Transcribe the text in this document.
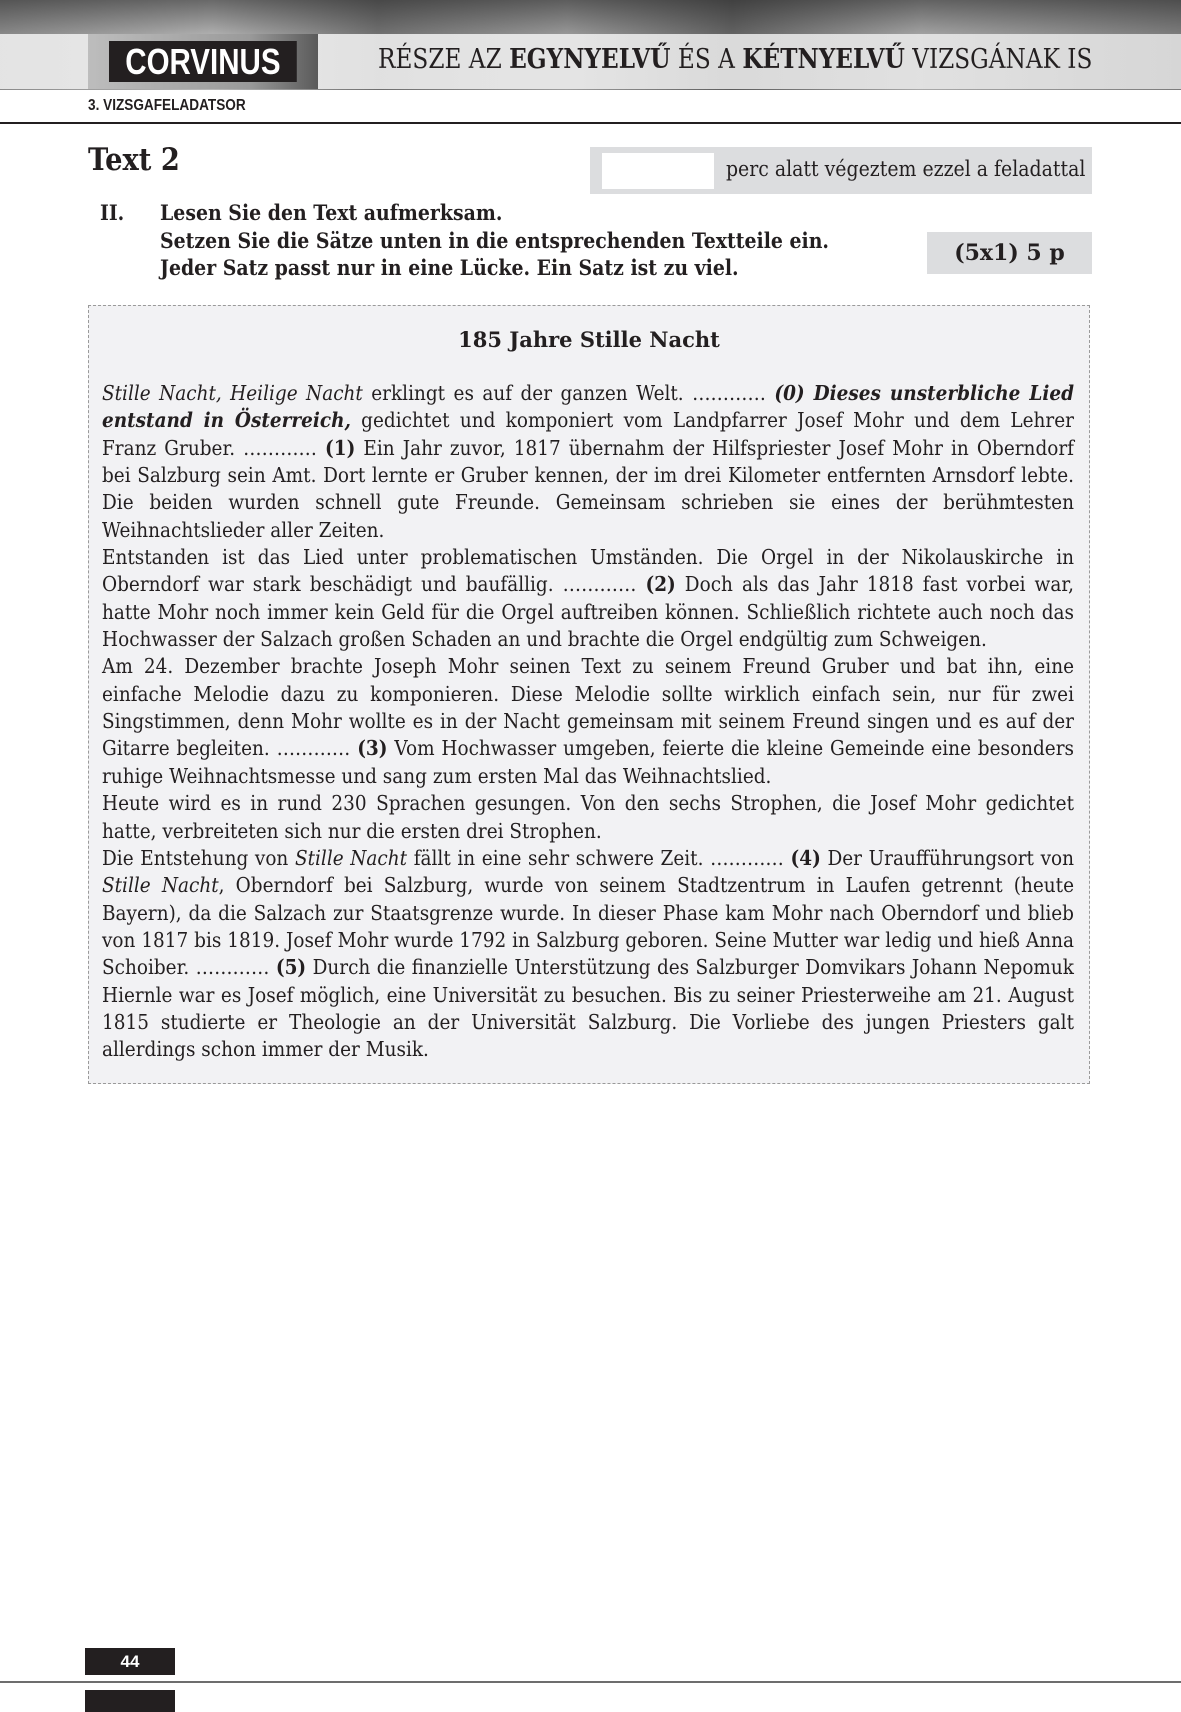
CORVINUS	RÉSZE AZ EGYNYELVŰ ÉS A KÉTNYELVŰ VIZSGÁNAK IS
3. VIZSGAFELADATSOR
Text 2	perc alatt végeztem ezzel a feladattal
II. Lesen Sie den Text aufmerksam.
Setzen Sie die Sätze unten in die entsprechenden Textteile ein.
Jeder Satz passt nur in eine Lücke. Ein Satz ist zu viel.
(5x1) 5 p
185 Jahre Stille Nacht

Stille Nacht, Heilige Nacht erklingt es auf der ganzen Welt. ………… (0) Dieses unsterbliche Lied entstand in Österreich, gedichtet und komponiert vom Landpfarrer Josef Mohr und dem Lehrer Franz Gruber. ………… (1) Ein Jahr zuvor, 1817 übernahm der Hilfspriester Josef Mohr in Oberndorf bei Salzburg sein Amt. Dort lernte er Gruber kennen, der im drei Kilometer entfernten Arnsdorf lebte. Die beiden wurden schnell gute Freunde. Gemeinsam schrieben sie eines der berühmtesten Weihnachtslieder aller Zeiten.

Entstanden ist das Lied unter problematischen Umständen. Die Orgel in der Nikolauskirche in Oberndorf war stark beschädigt und baufällig. ………… (2) Doch als das Jahr 1818 fast vorbei war, hatte Mohr noch immer kein Geld für die Orgel auftreiben können. Schließlich richtete auch noch das Hochwasser der Salzach großen Schaden an und brachte die Orgel endgültig zum Schweigen.

Am 24. Dezember brachte Joseph Mohr seinen Text zu seinem Freund Gruber und bat ihn, eine einfache Melodie dazu zu komponieren. Diese Melodie sollte wirklich einfach sein, nur für zwei Singstimmen, denn Mohr wollte es in der Nacht gemeinsam mit seinem Freund singen und es auf der Gitarre begleiten. ………… (3) Vom Hochwasser umgeben, feierte die kleine Gemeinde eine besonders ruhige Weihnachtsmesse und sang zum ersten Mal das Weihnachtslied.

Heute wird es in rund 230 Sprachen gesungen. Von den sechs Strophen, die Josef Mohr gedichtet hatte, verbreiteten sich nur die ersten drei Strophen.

Die Entstehung von Stille Nacht fällt in eine sehr schwere Zeit. ………… (4) Der Uraufführungsort von Stille Nacht, Oberndorf bei Salzburg, wurde von seinem Stadtzentrum in Laufen getrennt (heute Bayern), da die Salzach zur Staatsgrenze wurde. In dieser Phase kam Mohr nach Oberndorf und blieb von 1817 bis 1819. Josef Mohr wurde 1792 in Salzburg geboren. Seine Mutter war ledig und hieß Anna Schoiber. ………… (5) Durch die finanzielle Unterstützung des Salzburger Domvikars Johann Nepomuk Hiernle war es Josef möglich, eine Universität zu besuchen. Bis zu seiner Priesterweihe am 21. August 1815 studierte er Theologie an der Universität Salzburg. Die Vorliebe des jungen Priesters galt allerdings schon immer der Musik.

44
